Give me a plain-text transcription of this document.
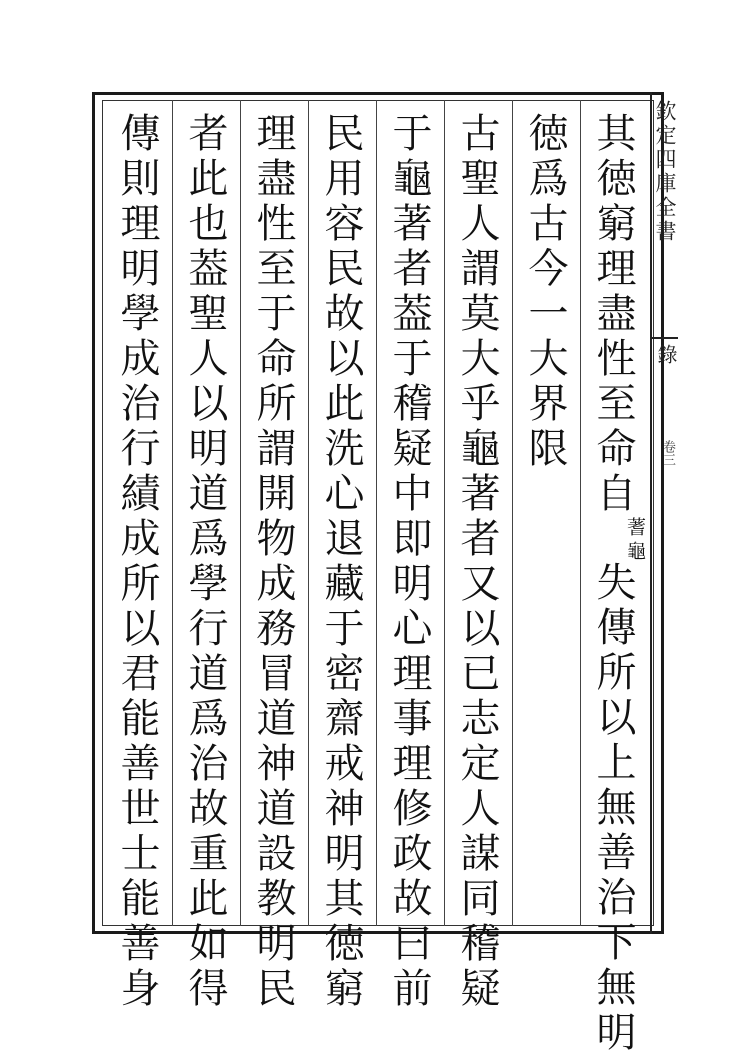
欽定四庫全書
錄
卷三
其徳窮理盡性至命自
蓍龜
失傳所以上無善治下無明
徳爲古今一大界限
古聖人謂莫大乎龜著者又以已志定人謀同稽疑
于龜著者葢于稽疑中即明心理事理修政故曰前
民用容民故以此洗心退藏于密齋戒神明其徳窮
理盡性至于命所謂開物成務冒道神道設教明民
者此也葢聖人以明道爲學行道爲治故重此如得
傳則理明學成治行績成所以君能善世士能善身
